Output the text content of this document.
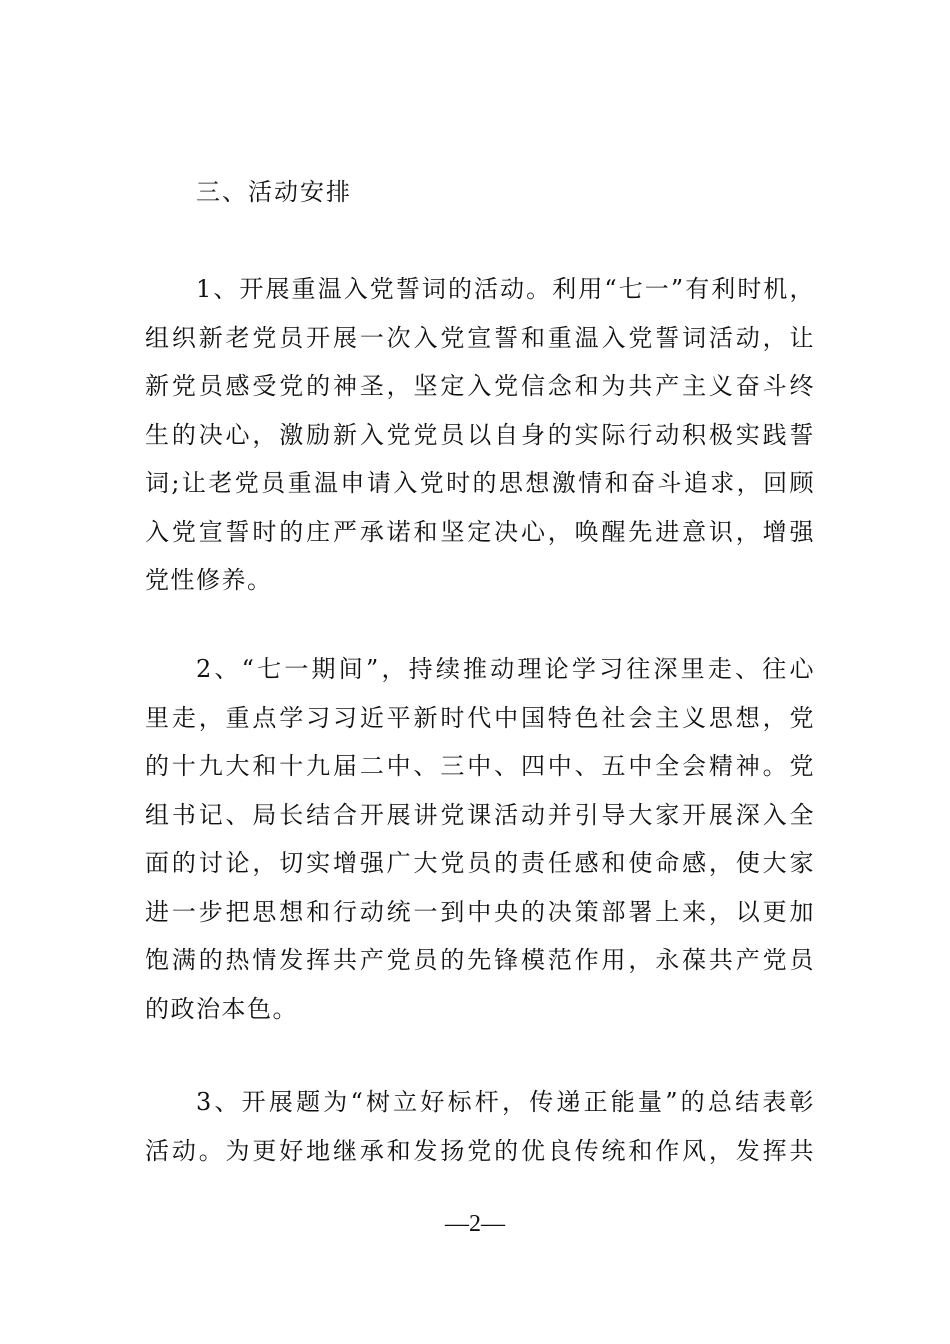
三、活动安排
1、开展重温入党誓词的活动。利用“七一”有利时机，
组织新老党员开展一次入党宣誓和重温入党誓词活动，让
新党员感受党的神圣，坚定入党信念和为共产主义奋斗终
生的决心，激励新入党党员以自身的实际行动积极实践誓
词;让老党员重温申请入党时的思想激情和奋斗追求，回顾
入党宣誓时的庄严承诺和坚定决心，唤醒先进意识，增强
党性修养。
2、“七一期间”，持续推动理论学习往深里走、往心
里走，重点学习习近平新时代中国特色社会主义思想，党
的十九大和十九届二中、三中、四中、五中全会精神。党
组书记、局长结合开展讲党课活动并引导大家开展深入全
面的讨论，切实增强广大党员的责任感和使命感，使大家
进一步把思想和行动统一到中央的决策部署上来，以更加
饱满的热情发挥共产党员的先锋模范作用，永葆共产党员
的政治本色。
3、开展题为“树立好标杆，传递正能量”的总结表彰
活动。为更好地继承和发扬党的优良传统和作风，发挥共
—2—
